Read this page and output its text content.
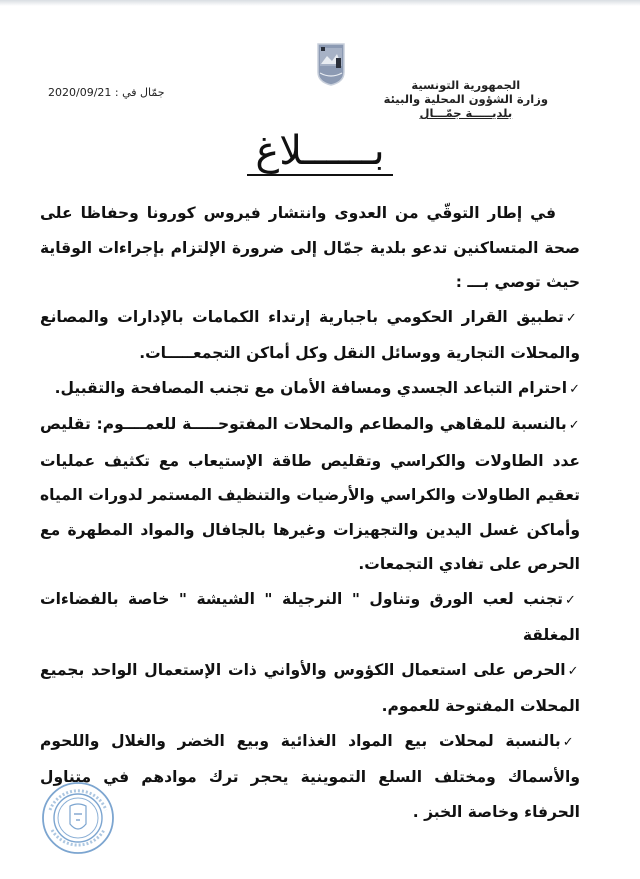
الجمهورية التونسية
وزارة الشؤون المحلية والبيئة
بلديـــــة جمّـــال
جمّال في : 2020/09/21
بــــــلاغ

في إطار التوقّي من العدوى وانتشار فيروس كورونا وحفاظا على صحة المتساكنين تدعو بلدية جمّال إلى ضرورة الإلتزام بإجراءات الوقاية حيث توصي بـــ :

✓تطبيق القرار الحكومي باجبارية إرتداء الكمامات بالإدارات والمصانع والمحلات التجارية ووسائل النقل وكل أماكن التجمعـــــات.
✓احترام التباعد الجسدي ومسافة الأمان مع تجنب المصافحة والتقبيل.
✓بالنسبة للمقاهي والمطاعم والمحلات المفتوحـــــة للعمــــوم: تقليص عدد الطاولات والكراسي وتقليص طاقة الإستيعاب مع تكثيف عمليات تعقيم الطاولات والكراسي والأرضيات والتنظيف المستمر لدورات المياه وأماكن غسل اليدين والتجهيزات وغيرها بالجافال والمواد المطهرة مع الحرص على تفادي التجمعات.
✓تجنب لعب الورق وتناول " النرجيلة " الشيشة " خاصة بالفضاءات المغلقة
✓الحرص على استعمال الكؤوس والأواني ذات الإستعمال الواحد بجميع المحلات المفتوحة للعموم.
✓بالنسبة لمحلات بيع المواد الغذائية وبيع الخضر والغلال واللحوم والأسماك ومختلف السلع التموينية يحجر ترك موادهم في متناول الحرفاء وخاصة الخبز .
